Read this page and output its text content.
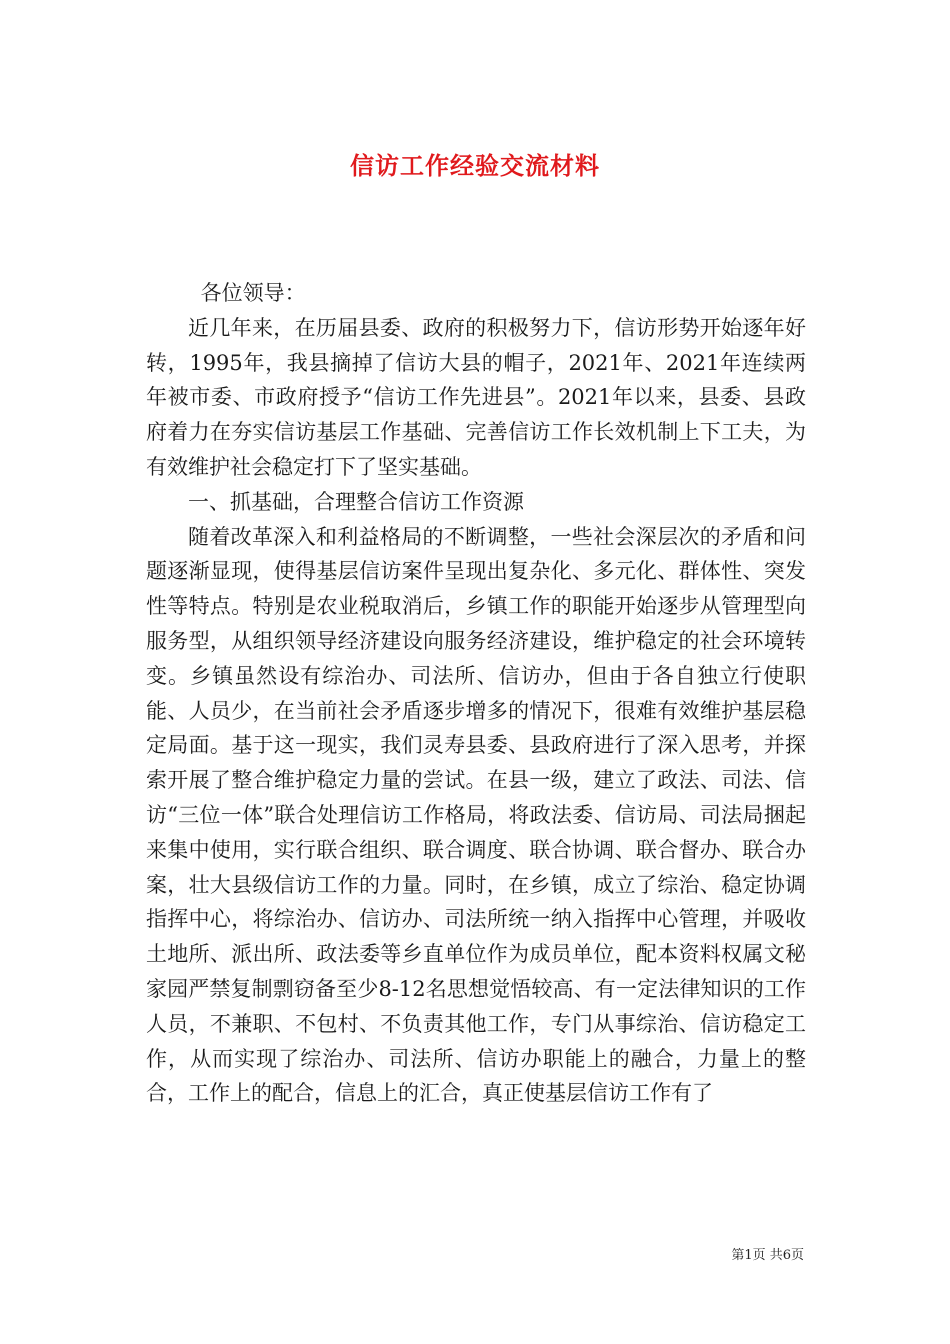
信访工作经验交流材料

各位领导：

近几年来，在历届县委、政府的积极努力下，信访形势开始逐年好转，1995年，我县摘掉了信访大县的帽子，2021年、2021年连续两年被市委、市政府授予“信访工作先进县”。2021年以来，县委、县政府着力在夯实信访基层工作基础、完善信访工作长效机制上下工夫，为有效维护社会稳定打下了坚实基础。

一、抓基础，合理整合信访工作资源

随着改革深入和利益格局的不断调整，一些社会深层次的矛盾和问题逐渐显现，使得基层信访案件呈现出复杂化、多元化、群体性、突发性等特点。特别是农业税取消后，乡镇工作的职能开始逐步从管理型向服务型，从组织领导经济建设向服务经济建设，维护稳定的社会环境转变。乡镇虽然设有综治办、司法所、信访办，但由于各自独立行使职能、人员少，在当前社会矛盾逐步增多的情况下，很难有效维护基层稳定局面。基于这一现实，我们灵寿县委、县政府进行了深入思考，并探索开展了整合维护稳定力量的尝试。在县一级，建立了政法、司法、信访“三位一体”联合处理信访工作格局，将政法委、信访局、司法局捆起来集中使用，实行联合组织、联合调度、联合协调、联合督办、联合办案，壮大县级信访工作的力量。同时，在乡镇，成立了综治、稳定协调指挥中心，将综治办、信访办、司法所统一纳入指挥中心管理，并吸收土地所、派出所、政法委等乡直单位作为成员单位，配本资料权属文秘家园严禁复制剽窃备至少8-12名思想觉悟较高、有一定法律知识的工作人员，不兼职、不包村、不负责其他工作，专门从事综治、信访稳定工作，从而实现了综治办、司法所、信访办职能上的融合，力量上的整合，工作上的配合，信息上的汇合，真正使基层信访工作有了

第1页 共6页
